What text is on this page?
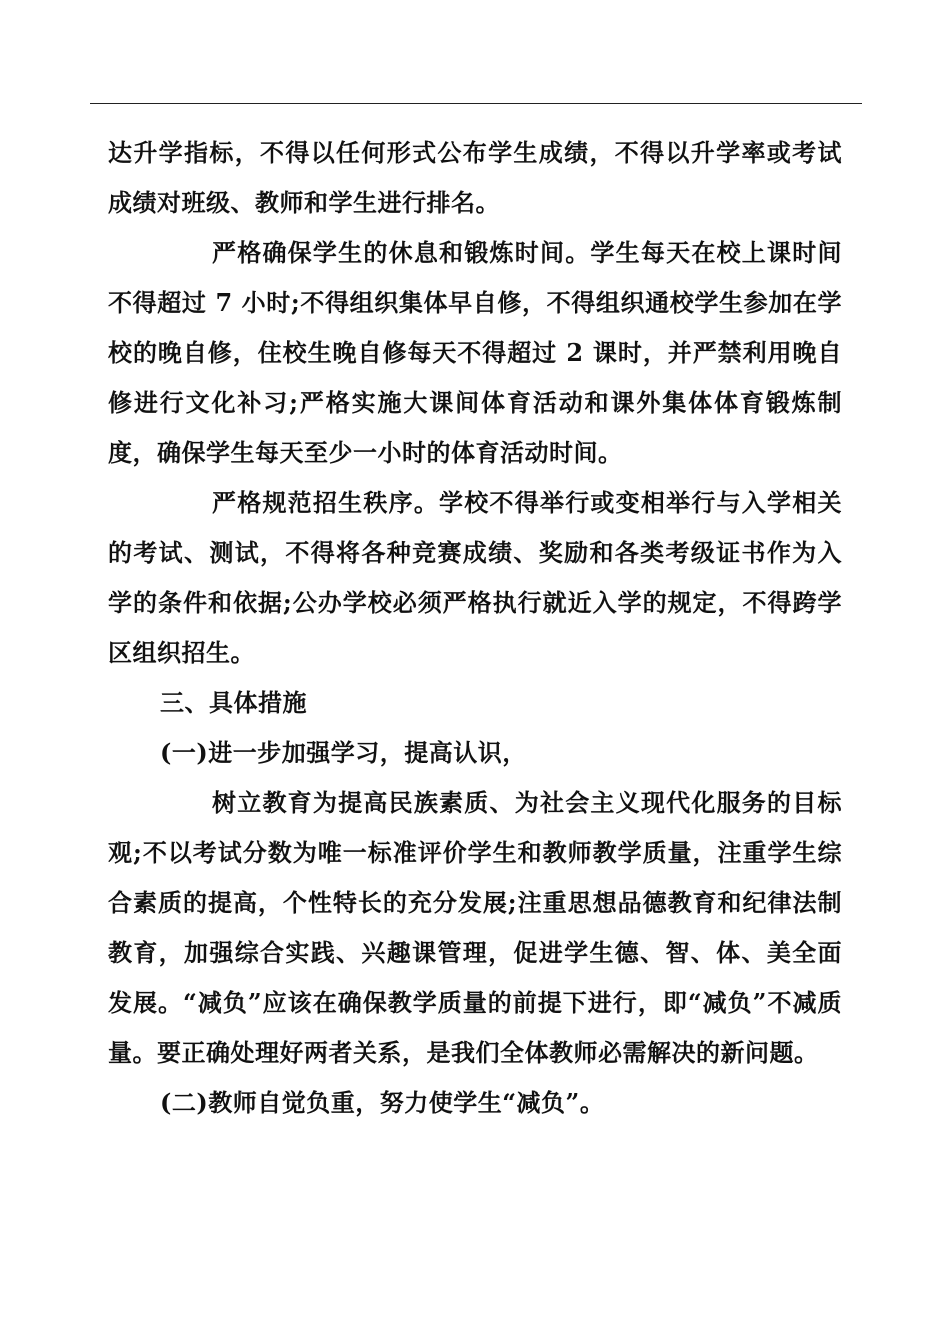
达升学指标，不得以任何形式公布学生成绩，不得以升学率或考试成绩对班级、教师和学生进行排名。

严格确保学生的休息和锻炼时间。学生每天在校上课时间不得超过 7 小时;不得组织集体早自修，不得组织通校学生参加在学校的晚自修，住校生晚自修每天不得超过 2 课时，并严禁利用晚自修进行文化补习;严格实施大课间体育活动和课外集体体育锻炼制度，确保学生每天至少一小时的体育活动时间。

严格规范招生秩序。学校不得举行或变相举行与入学相关的考试、测试，不得将各种竞赛成绩、奖励和各类考级证书作为入学的条件和依据;公办学校必须严格执行就近入学的规定，不得跨学区组织招生。

三、具体措施

(一)进一步加强学习，提高认识，

树立教育为提高民族素质、为社会主义现代化服务的目标观;不以考试分数为唯一标准评价学生和教师教学质量，注重学生综合素质的提高，个性特长的充分发展;注重思想品德教育和纪律法制教育，加强综合实践、兴趣课管理，促进学生德、智、体、美全面发展。“减负”应该在确保教学质量的前提下进行，即“减负”不减质量。要正确处理好两者关系，是我们全体教师必需解决的新问题。

(二)教师自觉负重，努力使学生“减负”。
